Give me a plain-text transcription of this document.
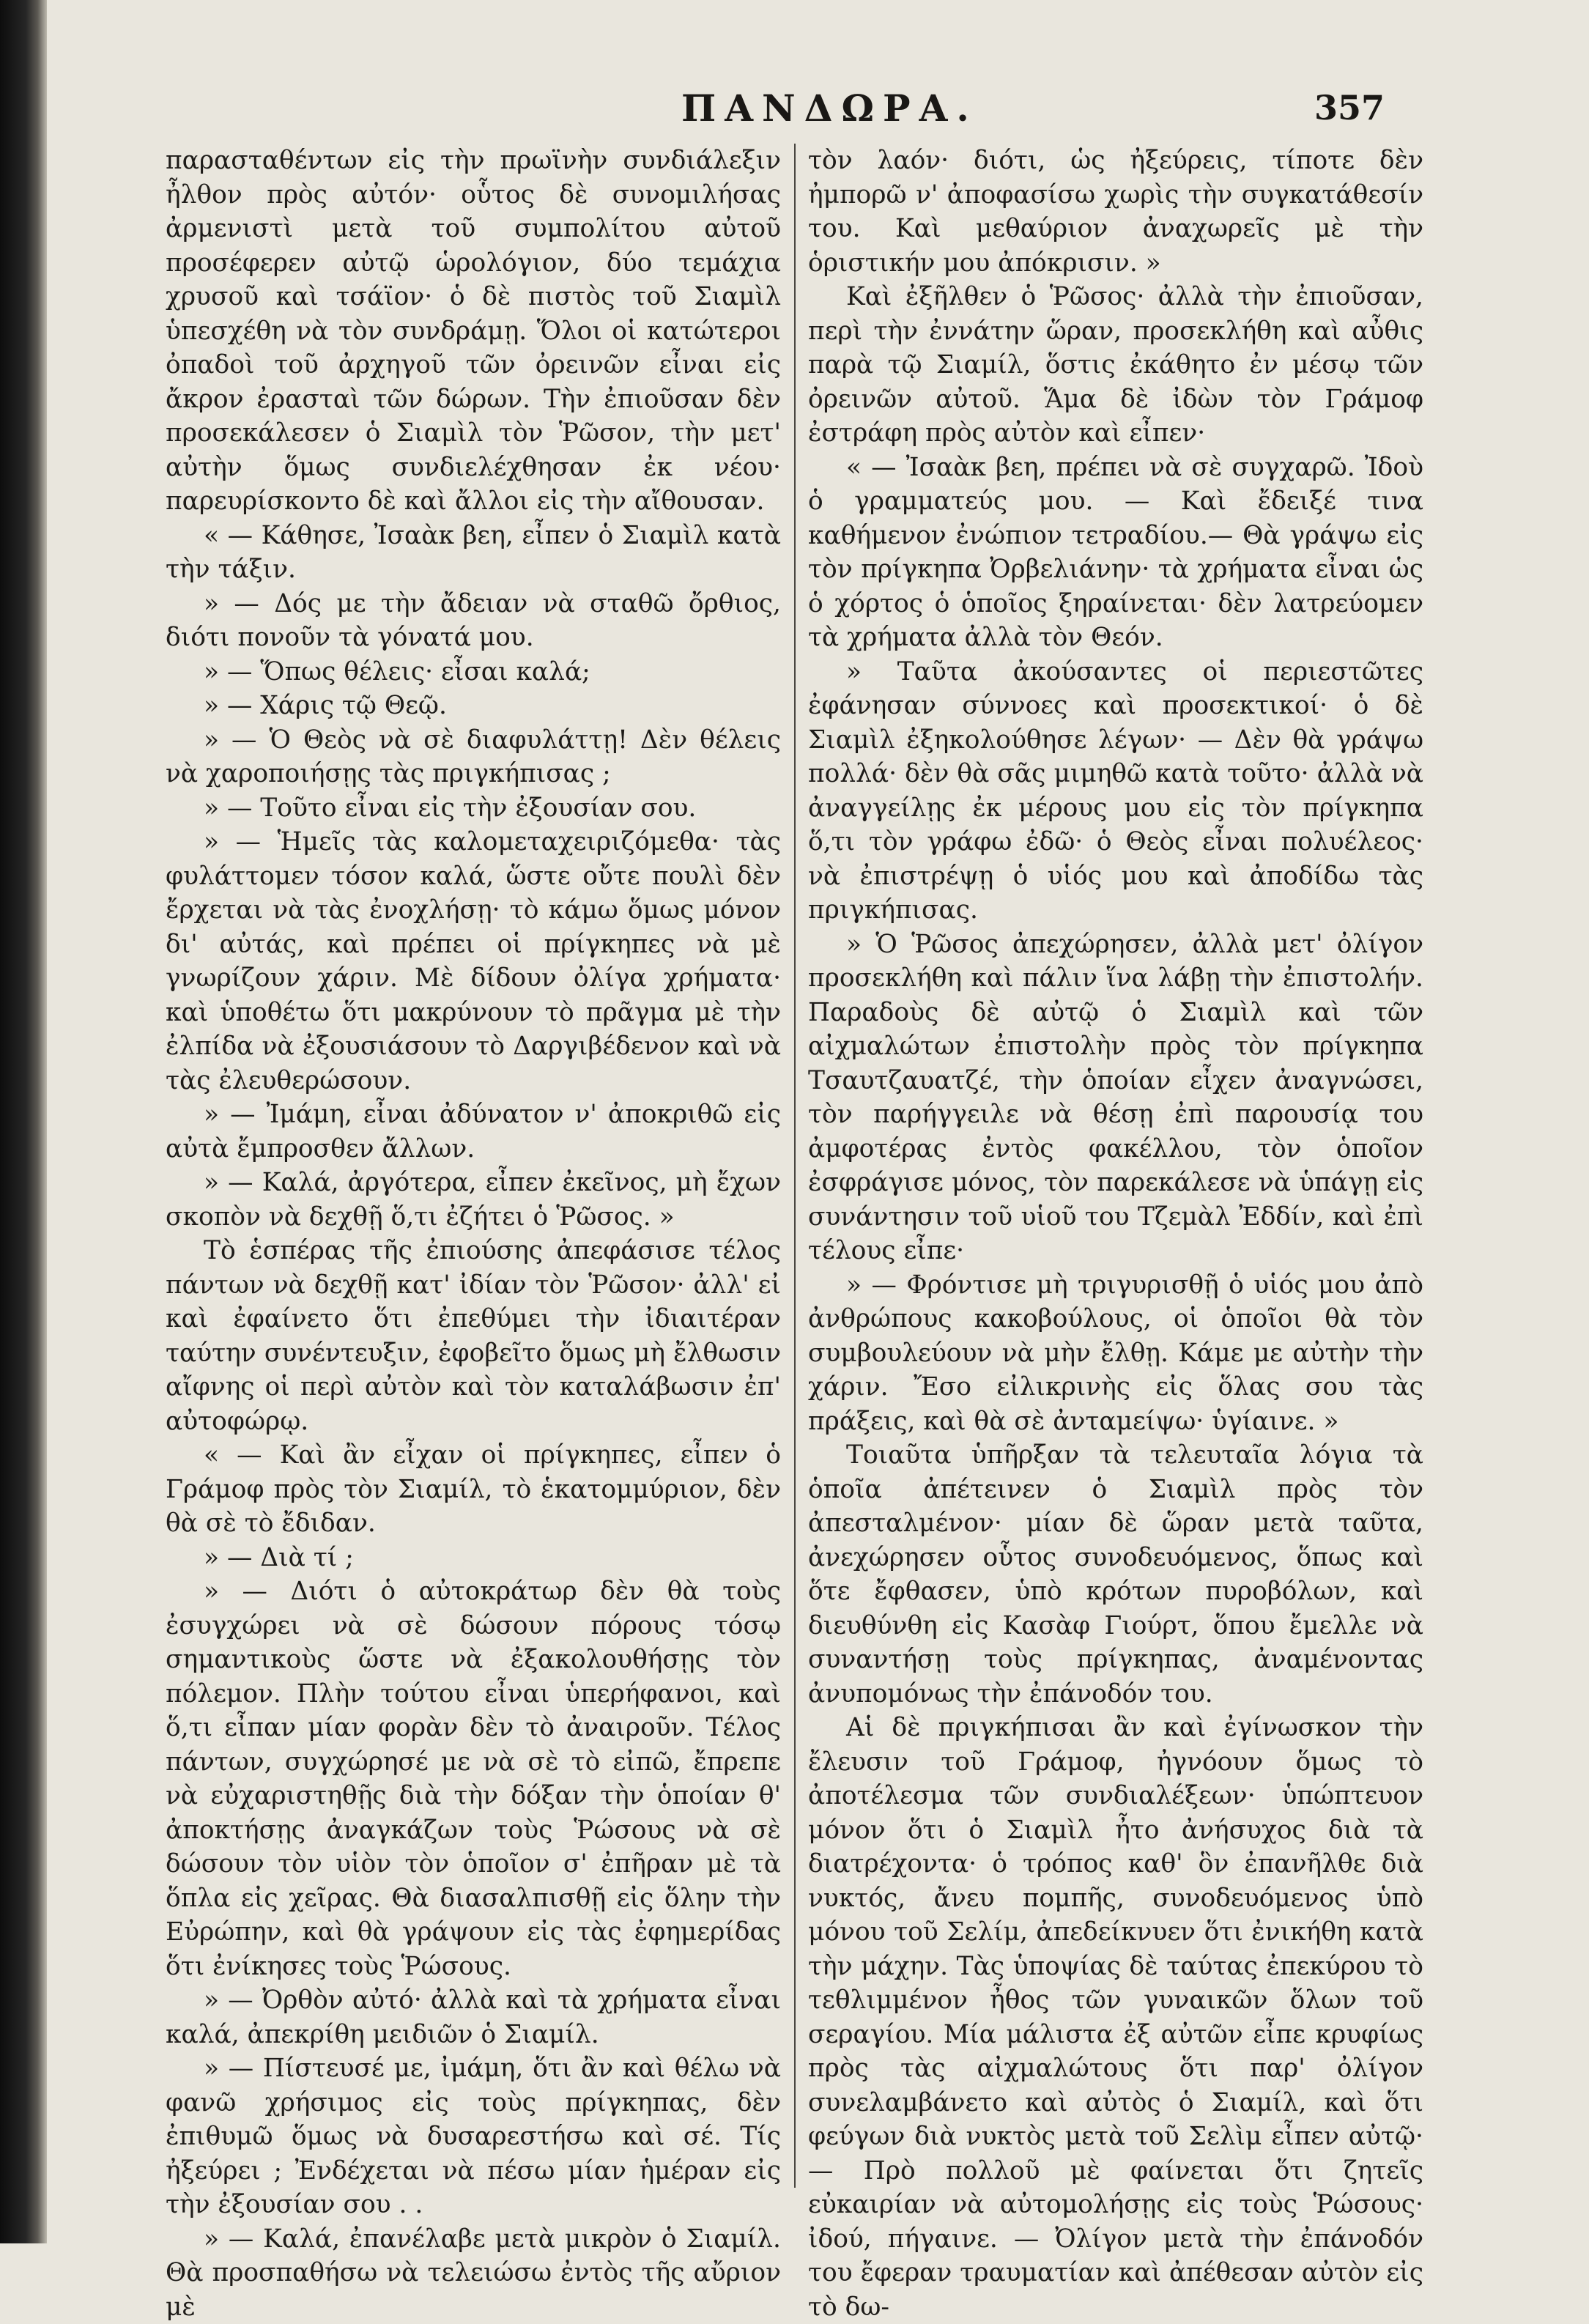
ΠΑΝΔΩΡΑ.	357

παρασταθέντων εἰς τὴν πρωϊνὴν συνδιάλεξιν ἦλθον πρὸς αὐτόν· οὗτος δὲ συνομιλήσας ἀρμενιστὶ μετὰ τοῦ συμπολίτου αὐτοῦ προσέφερεν αὐτῷ ὡρολόγιον, δύο τεμάχια χρυσοῦ καὶ τσάϊον· ὁ δὲ πιστὸς τοῦ Σιαμὶλ ὑπεσχέθη νὰ τὸν συνδράμῃ. Ὅλοι οἱ κατώτεροι ὀπαδοὶ τοῦ ἀρχηγοῦ τῶν ὀρεινῶν εἶναι εἰς ἄκρον ἐρασταὶ τῶν δώρων. Τὴν ἐπιοῦσαν δὲν προσεκάλεσεν ὁ Σιαμὶλ τὸν Ῥῶσον, τὴν μετ' αὐτὴν ὅμως συνδιελέχθησαν ἐκ νέου· παρευρίσκοντο δὲ καὶ ἄλλοι εἰς τὴν αἴθουσαν.

« — Κάθησε, Ἰσαὰκ βεη, εἶπεν ὁ Σιαμὶλ κατὰ τὴν τάξιν.

» — Δός με τὴν ἄδειαν νὰ σταθῶ ὄρθιος, διότι πονοῦν τὰ γόνατά μου.

» — Ὅπως θέλεις· εἶσαι καλά;

» — Χάρις τῷ Θεῷ.

» — Ὁ Θεὸς νὰ σὲ διαφυλάττῃ! Δὲν θέλεις νὰ χαροποιήσῃς τὰς πριγκήπισας ;

» — Τοῦτο εἶναι εἰς τὴν ἐξουσίαν σου.

» — Ἡμεῖς τὰς καλομεταχειριζόμεθα· τὰς φυλάττομεν τόσον καλά, ὥστε οὔτε πουλὶ δὲν ἔρχεται νὰ τὰς ἐνοχλήσῃ· τὸ κάμω ὅμως μόνον δι' αὐτάς, καὶ πρέπει οἱ πρίγκηπες νὰ μὲ γνωρίζουν χάριν. Μὲ δίδουν ὀλίγα χρήματα· καὶ ὑποθέτω ὅτι μακρύνουν τὸ πρᾶγμα μὲ τὴν ἐλπίδα νὰ ἐξουσιάσουν τὸ Δαργιβέδενον καὶ νὰ τὰς ἐλευθερώσουν.

» — Ἰμάμη, εἶναι ἀδύνατον ν' ἀποκριθῶ εἰς αὐτὰ ἔμπροσθεν ἄλλων.

» — Καλά, ἀργότερα, εἶπεν ἐκεῖνος, μὴ ἔχων σκοπὸν νὰ δεχθῇ ὅ,τι ἐζήτει ὁ Ῥῶσος. »

Τὸ ἑσπέρας τῆς ἐπιούσης ἀπεφάσισε τέλος πάντων νὰ δεχθῇ κατ' ἰδίαν τὸν Ῥῶσον· ἀλλ' εἰ καὶ ἐφαίνετο ὅτι ἐπεθύμει τὴν ἰδιαιτέραν ταύτην συνέντευξιν, ἐφοβεῖτο ὅμως μὴ ἔλθωσιν αἴφνης οἱ περὶ αὐτὸν καὶ τὸν καταλάβωσιν ἐπ' αὐτοφώρῳ.

« — Καὶ ἂν εἶχαν οἱ πρίγκηπες, εἶπεν ὁ Γράμοφ πρὸς τὸν Σιαμίλ, τὸ ἑκατομμύριον, δὲν θὰ σὲ τὸ ἔδιδαν.

» — Διὰ τί ;

» — Διότι ὁ αὐτοκράτωρ δὲν θὰ τοὺς ἐσυγχώρει νὰ σὲ δώσουν πόρους τόσῳ σημαντικοὺς ὥστε νὰ ἐξακολουθήσῃς τὸν πόλεμον. Πλὴν τούτου εἶναι ὑπερήφανοι, καὶ ὅ,τι εἶπαν μίαν φορὰν δὲν τὸ ἀναιροῦν. Τέλος πάντων, συγχώρησέ με νὰ σὲ τὸ εἰπῶ, ἔπρεπε νὰ εὐχαριστηθῇς διὰ τὴν δόξαν τὴν ὁποίαν θ' ἀποκτήσῃς ἀναγκάζων τοὺς Ῥώσους νὰ σὲ δώσουν τὸν υἱὸν τὸν ὁποῖον σ' ἐπῆραν μὲ τὰ ὅπλα εἰς χεῖρας. Θὰ διασαλπισθῇ εἰς ὅλην τὴν Εὐρώπην, καὶ θὰ γράψουν εἰς τὰς ἐφημερίδας ὅτι ἐνίκησες τοὺς Ῥώσους.

» — Ὀρθὸν αὐτό· ἀλλὰ καὶ τὰ χρήματα εἶναι καλά, ἀπεκρίθη μειδιῶν ὁ Σιαμίλ.

» — Πίστευσέ με, ἰμάμη, ὅτι ἂν καὶ θέλω νὰ φανῶ χρήσιμος εἰς τοὺς πρίγκηπας, δὲν ἐπιθυμῶ ὅμως νὰ δυσαρεστήσω καὶ σέ. Τίς ἠξεύρει ; Ἐνδέχεται νὰ πέσω μίαν ἡμέραν εἰς τὴν ἐξουσίαν σου . .

» — Καλά, ἐπανέλαβε μετὰ μικρὸν ὁ Σιαμίλ. Θὰ προσπαθήσω νὰ τελειώσω ἐντὸς τῆς αὔριον μὲ

τὸν λαόν· διότι, ὡς ἠξεύρεις, τίποτε δὲν ἠμπορῶ ν' ἀποφασίσω χωρὶς τὴν συγκατάθεσίν του. Καὶ μεθαύριον ἀναχωρεῖς μὲ τὴν ὁριστικήν μου ἀπόκρισιν. »

Καὶ ἐξῆλθεν ὁ Ῥῶσος· ἀλλὰ τὴν ἐπιοῦσαν, περὶ τὴν ἐννάτην ὥραν, προσεκλήθη καὶ αὖθις παρὰ τῷ Σιαμίλ, ὅστις ἐκάθητο ἐν μέσῳ τῶν ὀρεινῶν αὐτοῦ. Ἅμα δὲ ἰδὼν τὸν Γράμοφ ἐστράφη πρὸς αὐτὸν καὶ εἶπεν·

« — Ἰσαὰκ βεη, πρέπει νὰ σὲ συγχαρῶ. Ἰδοὺ ὁ γραμματεύς μου. — Καὶ ἔδειξέ τινα καθήμενον ἐνώπιον τετραδίου.— Θὰ γράψω εἰς τὸν πρίγκηπα Ὀρβελιάνην· τὰ χρήματα εἶναι ὡς ὁ χόρτος ὁ ὁποῖος ξηραίνεται· δὲν λατρεύομεν τὰ χρήματα ἀλλὰ τὸν Θεόν.

» Ταῦτα ἀκούσαντες οἱ περιεστῶτες ἐφάνησαν σύννοες καὶ προσεκτικοί· ὁ δὲ Σιαμὶλ ἐξηκολούθησε λέγων· — Δὲν θὰ γράψω πολλά· δὲν θὰ σᾶς μιμηθῶ κατὰ τοῦτο· ἀλλὰ νὰ ἀναγγείλῃς ἐκ μέρους μου εἰς τὸν πρίγκηπα ὅ,τι τὸν γράφω ἐδῶ· ὁ Θεὸς εἶναι πολυέλεος· νὰ ἐπιστρέψῃ ὁ υἱός μου καὶ ἀποδίδω τὰς πριγκήπισας.

» Ὁ Ῥῶσος ἀπεχώρησεν, ἀλλὰ μετ' ὀλίγον προσεκλήθη καὶ πάλιν ἵνα λάβῃ τὴν ἐπιστολήν. Παραδοὺς δὲ αὐτῷ ὁ Σιαμὶλ καὶ τῶν αἰχμαλώτων ἐπιστολὴν πρὸς τὸν πρίγκηπα Τσαυτζαυατζέ, τὴν ὁποίαν εἶχεν ἀναγνώσει, τὸν παρήγγειλε νὰ θέσῃ ἐπὶ παρουσίᾳ του ἀμφοτέρας ἐντὸς φακέλλου, τὸν ὁποῖον ἐσφράγισε μόνος, τὸν παρεκάλεσε νὰ ὑπάγῃ εἰς συνάντησιν τοῦ υἱοῦ του Τζεμὰλ Ἐδδίν, καὶ ἐπὶ τέλους εἶπε·

» — Φρόντισε μὴ τριγυρισθῇ ὁ υἱός μου ἀπὸ ἀνθρώπους κακοβούλους, οἱ ὁποῖοι θὰ τὸν συμβουλεύουν νὰ μὴν ἔλθῃ. Κάμε με αὐτὴν τὴν χάριν. Ἔσο εἰλικρινὴς εἰς ὅλας σου τὰς πράξεις, καὶ θὰ σὲ ἀνταμείψω· ὑγίαινε. »

Τοιαῦτα ὑπῆρξαν τὰ τελευταῖα λόγια τὰ ὁποῖα ἀπέτεινεν ὁ Σιαμὶλ πρὸς τὸν ἀπεσταλμένον· μίαν δὲ ὥραν μετὰ ταῦτα, ἀνεχώρησεν οὗτος συνοδευόμενος, ὅπως καὶ ὅτε ἔφθασεν, ὑπὸ κρότων πυροβόλων, καὶ διευθύνθη εἰς Κασὰφ Γιούρτ, ὅπου ἔμελλε νὰ συναντήσῃ τοὺς πρίγκηπας, ἀναμένοντας ἀνυπομόνως τὴν ἐπάνοδόν του.

Αἱ δὲ πριγκήπισαι ἂν καὶ ἐγίνωσκον τὴν ἔλευσιν τοῦ Γράμοφ, ἠγνόουν ὅμως τὸ ἀποτέλεσμα τῶν συνδιαλέξεων· ὑπώπτευον μόνον ὅτι ὁ Σιαμὶλ ἦτο ἀνήσυχος διὰ τὰ διατρέχοντα· ὁ τρόπος καθ' ὃν ἐπανῆλθε διὰ νυκτός, ἄνευ πομπῆς, συνοδευόμενος ὑπὸ μόνου τοῦ Σελίμ, ἀπεδείκνυεν ὅτι ἐνικήθη κατὰ τὴν μάχην. Τὰς ὑποψίας δὲ ταύτας ἐπεκύρου τὸ τεθλιμμένον ἦθος τῶν γυναικῶν ὅλων τοῦ σεραγίου. Μία μάλιστα ἐξ αὐτῶν εἶπε κρυφίως πρὸς τὰς αἰχμαλώτους ὅτι παρ' ὀλίγον συνελαμβάνετο καὶ αὐτὸς ὁ Σιαμίλ, καὶ ὅτι φεύγων διὰ νυκτὸς μετὰ τοῦ Σελὶμ εἶπεν αὐτῷ· — Πρὸ πολλοῦ μὲ φαίνεται ὅτι ζητεῖς εὐκαιρίαν νὰ αὐτομολήσῃς εἰς τοὺς Ῥώσους· ἰδού, πήγαινε. — Ὀλίγον μετὰ τὴν ἐπάνοδόν του ἔφεραν τραυματίαν καὶ ἀπέθεσαν αὐτὸν εἰς τὸ δω-
